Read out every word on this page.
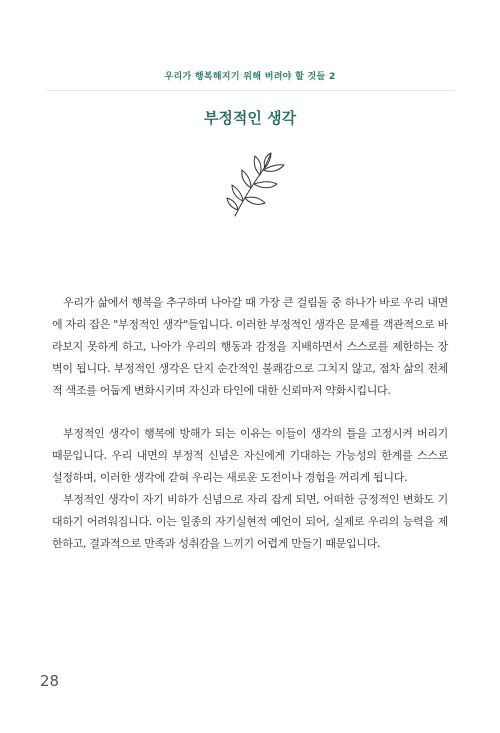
우리가 행복해지기 위해 버려야 할 것들 2
부정적인 생각

우리가 삶에서 행복을 추구하며 나아갈 때 가장 큰 걸림돌 중 하나가 바로 우리 내면에 자리 잡은 "부정적인 생각"들입니다. 이러한 부정적인 생각은 문제를 객관적으로 바라보지 못하게 하고, 나아가 우리의 행동과 감정을 지배하면서 스스로를 제한하는 장벽이 됩니다. 부정적인 생각은 단지 순간적인 불쾌감으로 그치지 않고, 점차 삶의 전체적 색조를 어둡게 변화시키며 자신과 타인에 대한 신뢰마저 약화시킵니다.

부정적인 생각이 행복에 방해가 되는 이유는 이들이 생각의 틀을 고정시켜 버리기 때문입니다. 우리 내면의 부정적 신념은 자신에게 기대하는 가능성의 한계를 스스로 설정하며, 이러한 생각에 갇혀 우리는 새로운 도전이나 경험을 꺼리게 됩니다.

부정적인 생각이 자기 비하가 신념으로 자리 잡게 되면, 어떠한 긍정적인 변화도 기대하기 어려워집니다. 이는 일종의 자기실현적 예언이 되어, 실제로 우리의 능력을 제한하고, 결과적으로 만족과 성취감을 느끼기 어렵게 만들기 때문입니다.

28
